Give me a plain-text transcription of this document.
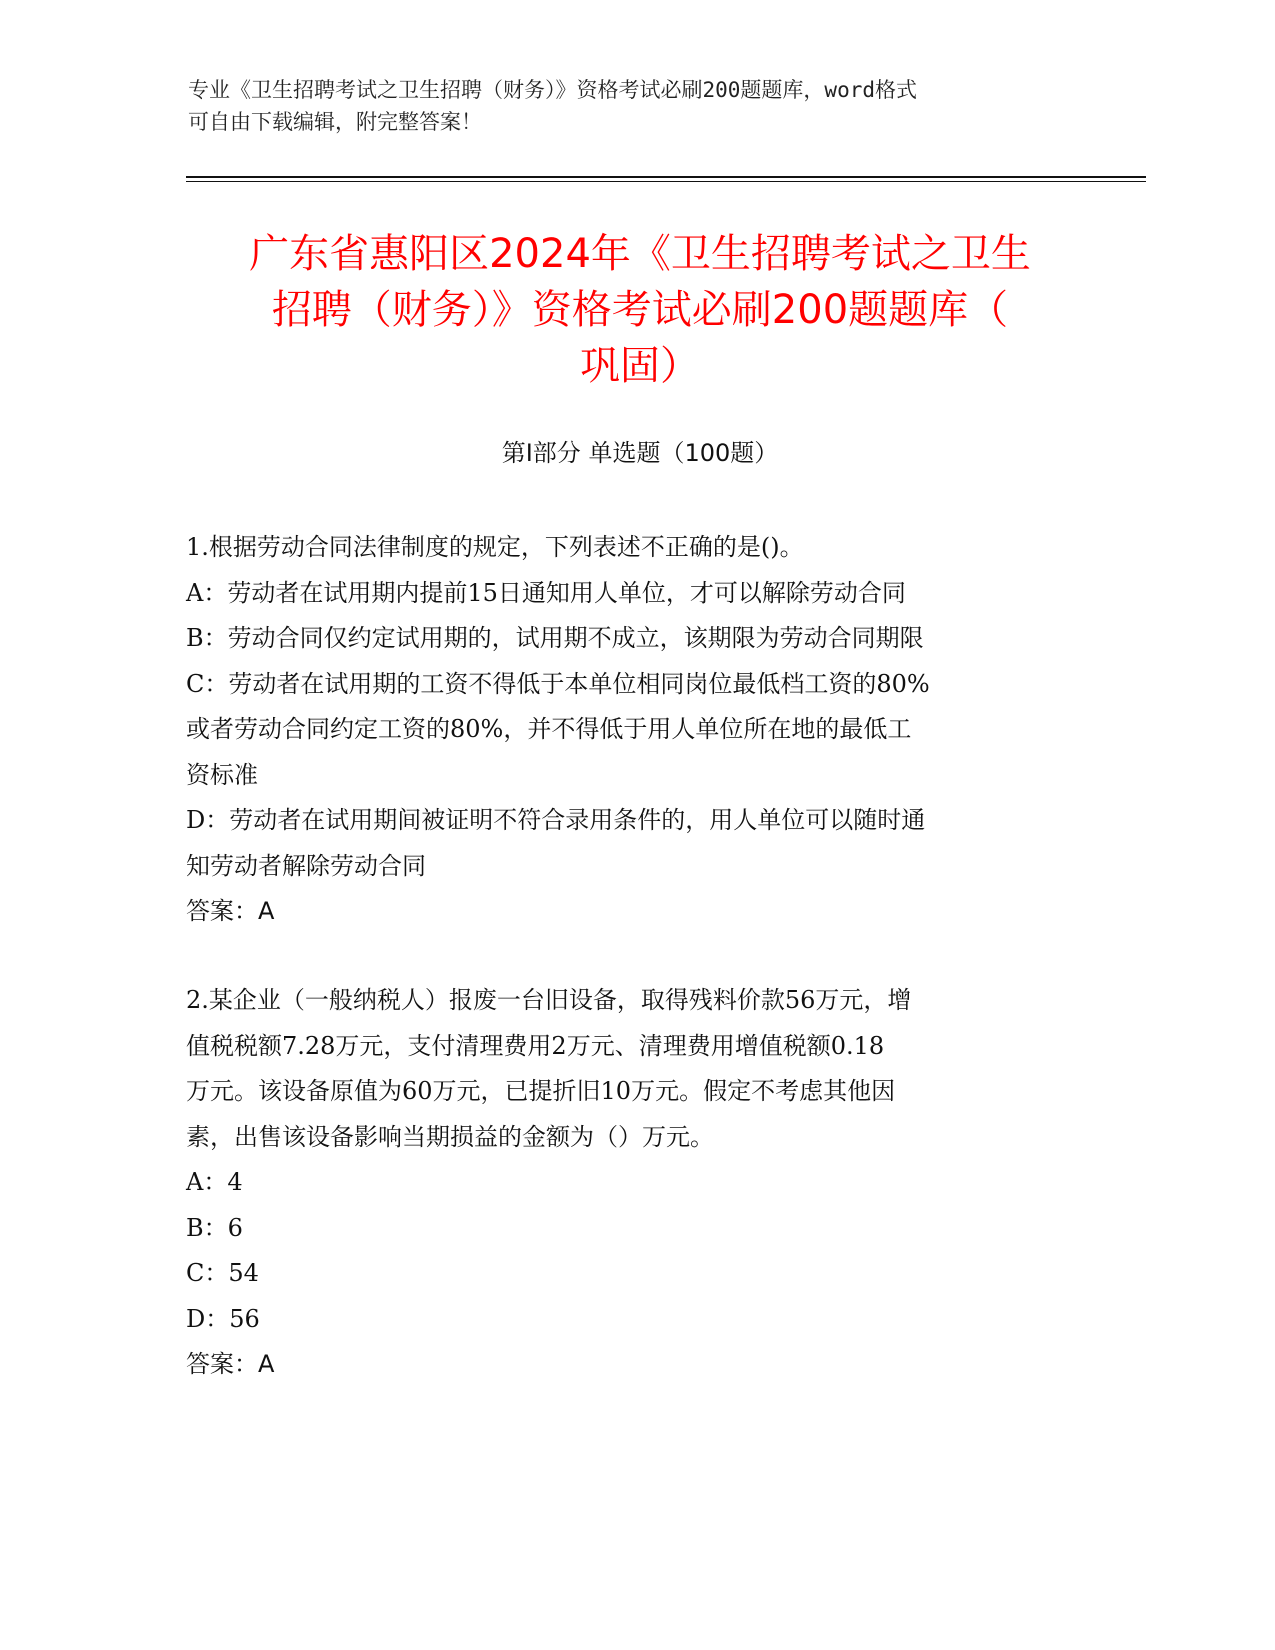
专业《卫生招聘考试之卫生招聘（财务）》资格考试必刷200题题库，word格式

可自由下载编辑，附完整答案！

广东省惠阳区2024年《卫生招聘考试之卫生

招聘（财务）》资格考试必刷200题题库（

巩固）

第Ⅰ部分 单选题（100题）

1.根据劳动合同法律制度的规定，下列表述不正确的是()。

A：劳动者在试用期内提前15日通知用人单位，才可以解除劳动合同

B：劳动合同仅约定试用期的，试用期不成立，该期限为劳动合同期限

C：劳动者在试用期的工资不得低于本单位相同岗位最低档工资的80%

或者劳动合同约定工资的80%，并不得低于用人单位所在地的最低工

资标准

D：劳动者在试用期间被证明不符合录用条件的，用人单位可以随时通

知劳动者解除劳动合同

答案：A

2.某企业（一般纳税人）报废一台旧设备，取得残料价款56万元，增

值税税额7.28万元，支付清理费用2万元、清理费用增值税额0.18

万元。该设备原值为60万元，已提折旧10万元。假定不考虑其他因

素，出售该设备影响当期损益的金额为（）万元。

A：4

B：6

C：54

D：56

答案：A
